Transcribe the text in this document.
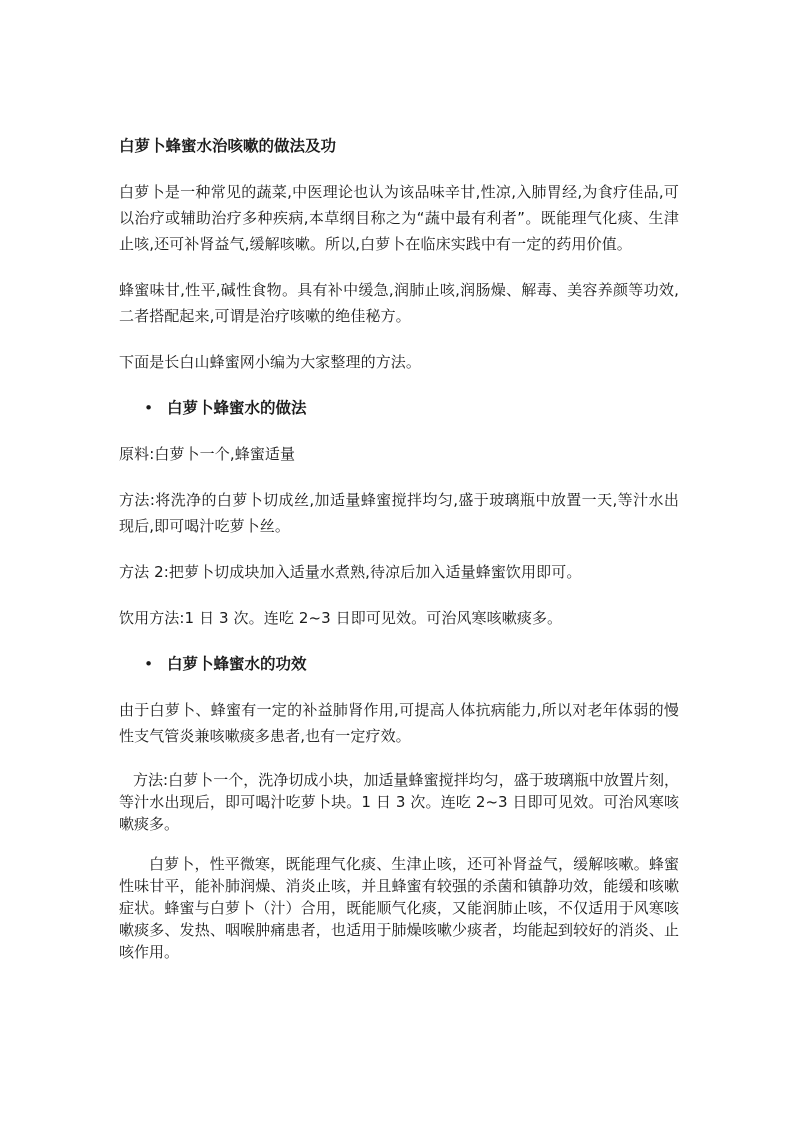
白萝卜蜂蜜水治咳嗽的做法及功

白萝卜是一种常见的蔬菜,中医理论也认为该品味辛甘,性凉,入肺胃经,为食疗佳品,可以治疗或辅助治疗多种疾病,本草纲目称之为“蔬中最有利者”。既能理气化痰、生津止咳,还可补肾益气,缓解咳嗽。所以,白萝卜在临床实践中有一定的药用价值。

蜂蜜味甘,性平,碱性食物。具有补中缓急,润肺止咳,润肠燥、解毒、美容养颜等功效,二者搭配起来,可谓是治疗咳嗽的绝佳秘方。

下面是长白山蜂蜜网小编为大家整理的方法。

• 白萝卜蜂蜜水的做法

原料:白萝卜一个,蜂蜜适量

方法:将洗净的白萝卜切成丝,加适量蜂蜜搅拌均匀,盛于玻璃瓶中放置一天,等汁水出现后,即可喝汁吃萝卜丝。

方法 2:把萝卜切成块加入适量水煮熟,待凉后加入适量蜂蜜饮用即可。

饮用方法:1 日 3 次。连吃 2~3 日即可见效。可治风寒咳嗽痰多。

• 白萝卜蜂蜜水的功效

由于白萝卜、蜂蜜有一定的补益肺肾作用,可提高人体抗病能力,所以对老年体弱的慢性支气管炎兼咳嗽痰多患者,也有一定疗效。

方法:白萝卜一个，洗净切成小块，加适量蜂蜜搅拌均匀，盛于玻璃瓶中放置片刻，等汁水出现后，即可喝汁吃萝卜块。1 日 3 次。连吃 2~3 日即可见效。可治风寒咳嗽痰多。

白萝卜，性平微寒，既能理气化痰、生津止咳，还可补肾益气，缓解咳嗽。蜂蜜性味甘平，能补肺润燥、消炎止咳，并且蜂蜜有较强的杀菌和镇静功效，能缓和咳嗽症状。蜂蜜与白萝卜（汁）合用，既能顺气化痰，又能润肺止咳，不仅适用于风寒咳嗽痰多、发热、咽喉肿痛患者，也适用于肺燥咳嗽少痰者，均能起到较好的消炎、止咳作用。
